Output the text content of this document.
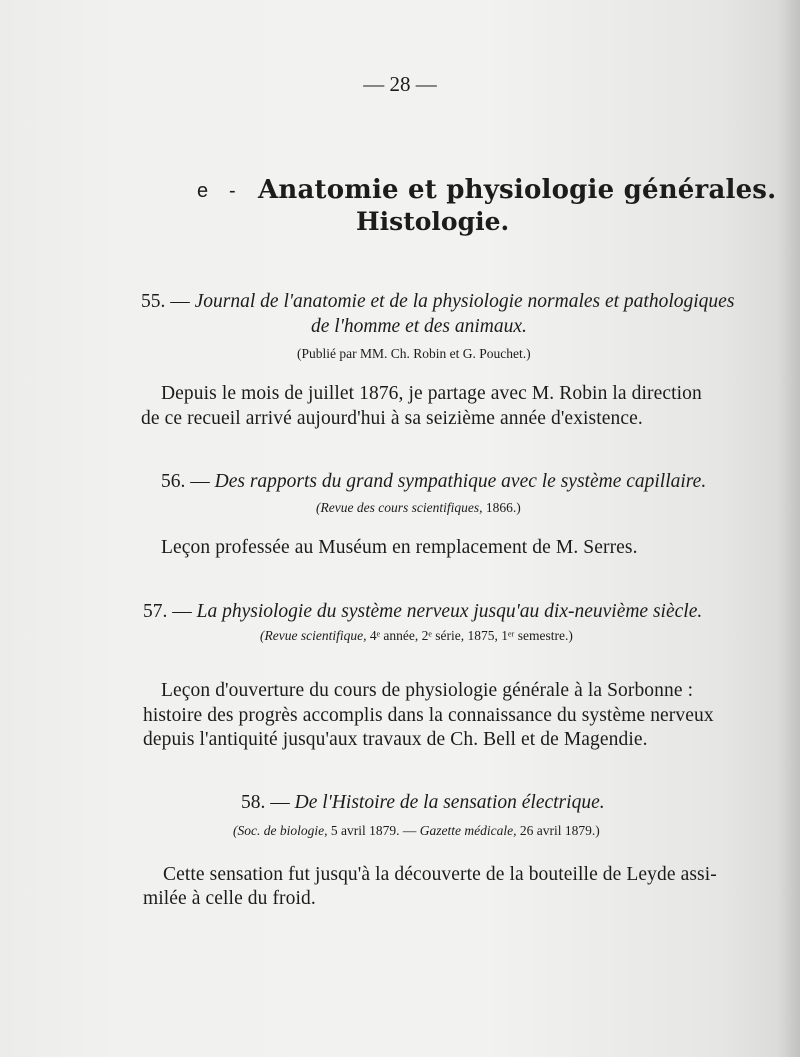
— 28 —
e - Anatomie et physiologie générales.
Histologie.
55. — Journal de l'anatomie et de la physiologie normales et pathologiques
de l'homme et des animaux.
(Publié par MM. Ch. Robin et G. Pouchet.)
Depuis le mois de juillet 1876, je partage avec M. Robin la direction
de ce recueil arrivé aujourd'hui à sa seizième année d'existence.
56. — Des rapports du grand sympathique avec le système capillaire.
(Revue des cours scientifiques, 1866.)
Leçon professée au Muséum en remplacement de M. Serres.
57. — La physiologie du système nerveux jusqu'au dix-neuvième siècle.
(Revue scientifique, 4ᵉ année, 2ᵉ série, 1875, 1ᵉʳ semestre.)
Leçon d'ouverture du cours de physiologie générale à la Sorbonne :
histoire des progrès accomplis dans la connaissance du système nerveux
depuis l'antiquité jusqu'aux travaux de Ch. Bell et de Magendie.
58. — De l'Histoire de la sensation électrique.
(Soc. de biologie, 5 avril 1879. — Gazette médicale, 26 avril 1879.)
Cette sensation fut jusqu'à la découverte de la bouteille de Leyde assi-
milée à celle du froid.
